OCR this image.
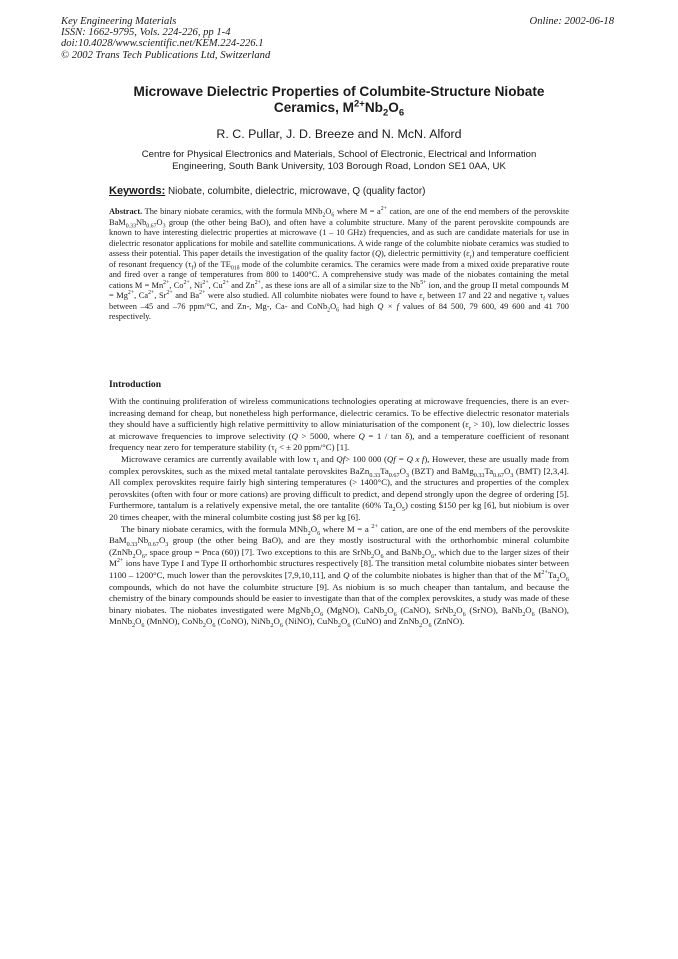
Key Engineering Materials
ISSN: 1662-9795, Vols. 224-226, pp 1-4
doi:10.4028/www.scientific.net/KEM.224-226.1
© 2002 Trans Tech Publications Ltd, Switzerland
Online: 2002-06-18
Microwave Dielectric Properties of Columbite-Structure Niobate
Ceramics, $M^{2+}Nb_2O_6$
R. C. Pullar, J. D. Breeze and N. McN. Alford
Centre for Physical Electronics and Materials, School of Electronic, Electrical and Information
Engineering, South Bank University, 103 Borough Road, London SE1 0AA, UK
Keywords: Niobate, columbite, dielectric, microwave, Q (quality factor)
Abstract. The binary niobate ceramics, with the formula $MNb_2O_6$ where $M = a^{2+}$ cation, are one of the end members of the perovskite $BaM_{0.33}Nb_{0.67}O_3$ group (the other being BaO), and often have a columbite structure. Many of the parent perovskite compounds are known to have interesting dielectric properties at microwave (1 – 10 GHz) frequencies, and as such are candidate materials for use in dielectric resonator applications for mobile and satellite communications. A wide range of the columbite niobate ceramics was studied to assess their potential. This paper details the investigation of the quality factor (Q), dielectric permittivity $(\varepsilon_r)$ and temperature coefficient of resonant frequency $(\tau_f)$ of the $TE_{01\delta}$ mode of the columbite ceramics. The ceramics were made from a mixed oxide preparative route and fired over a range of temperatures from 800 to 1400°C. A comprehensive study was made of the niobates containing the metal cations $M = Mn^{2+}$, $Co^{2+}$, $Ni^{2+}$, $Cu^{2+}$ and $Zn^{2+}$, as these ions are all of a similar size to the $Nb^{5+}$ ion, and the group II metal compounds $M = Mg^{2+}$, $Ca^{2+}$, $Sr^{2+}$ and $Ba^{2+}$ were also studied. All columbite niobates were found to have $\varepsilon_r$ between 17 and 22 and negative $\tau_f$ values between –45 and –76 ppm/°C, and Zn-, Mg-, Ca- and $CoNb_2O_6$ had high Q × f values of 84 500, 79 600, 49 600 and 41 700 respectively.
Introduction

With the continuing proliferation of wireless communications technologies operating at microwave frequencies, there is an ever-increasing demand for cheap, but nonetheless high performance, dielectric ceramics. To be effective dielectric resonator materials they should have a sufficiently high relative permittivity to allow miniaturisation of the component $(\varepsilon_r > 10)$, low dielectric losses at microwave frequencies to improve selectivity (Q > 5000, where Q = 1 / tan δ), and a temperature coefficient of resonant frequency near zero for temperature stability ($\tau_f$ < ± 20 ppm/°C) [1].

Microwave ceramics are currently available with low $\tau_f$ and Qf> 100 000 (Qf = Q x f), However, these are usually made from complex perovskites, such as the mixed metal tantalate perovskites $BaZn_{0.33}Ta_{0.67}O_3$ (BZT) and $BaMg_{0.33}Ta_{0.67}O_3$ (BMT) [2,3,4]. All complex perovskites require fairly high sintering temperatures (> 1400°C), and the structures and properties of the complex perovskites (often with four or more cations) are proving difficult to predict, and depend strongly upon the degree of ordering [5]. Furthermore, tantalum is a relatively expensive metal, the ore tantalite (60% $Ta_2O_5$) costing $150 per kg [6], but niobium is over 20 times cheaper, with the mineral columbite costing just $8 per kg [6].

The binary niobate ceramics, with the formula $MNb_2O_6$ where M = a $^{2+}$ cation, are one of the end members of the perovskite $BaM_{0.33}Nb_{0.67}O_3$ group (the other being BaO), and are they mostly isostructural with the orthorhombic mineral columbite ($ZnNb_2O_6$, space group = Pnca (60)) [7]. Two exceptions to this are $SrNb_2O_6$ and $BaNb_2O_6$, which due to the larger sizes of their $M^{2+}$ ions have Type I and Type II orthorhombic structures respectively [8]. The transition metal columbite niobates sinter between 1100 – 1200°C, much lower than the perovskites [7,9,10,11], and Q of the columbite niobates is higher than that of the $M^{2+}Ta_2O_6$ compounds, which do not have the columbite structure [9]. As niobium is so much cheaper than tantalum, and because the chemistry of the binary compounds should be easier to investigate than that of the complex perovskites, a study was made of these binary niobates. The niobates investigated were $MgNb_2O_6$ (MgNO), $CaNb_2O_6$ (CaNO), $SrNb_2O_6$ (SrNO), $BaNb_2O_6$ (BaNO), $MnNb_2O_6$ (MnNO), $CoNb_2O_6$ (CoNO), $NiNb_2O_6$ (NiNO), $CuNb_2O_6$ (CuNO) and $ZnNb_2O_6$ (ZnNO).
